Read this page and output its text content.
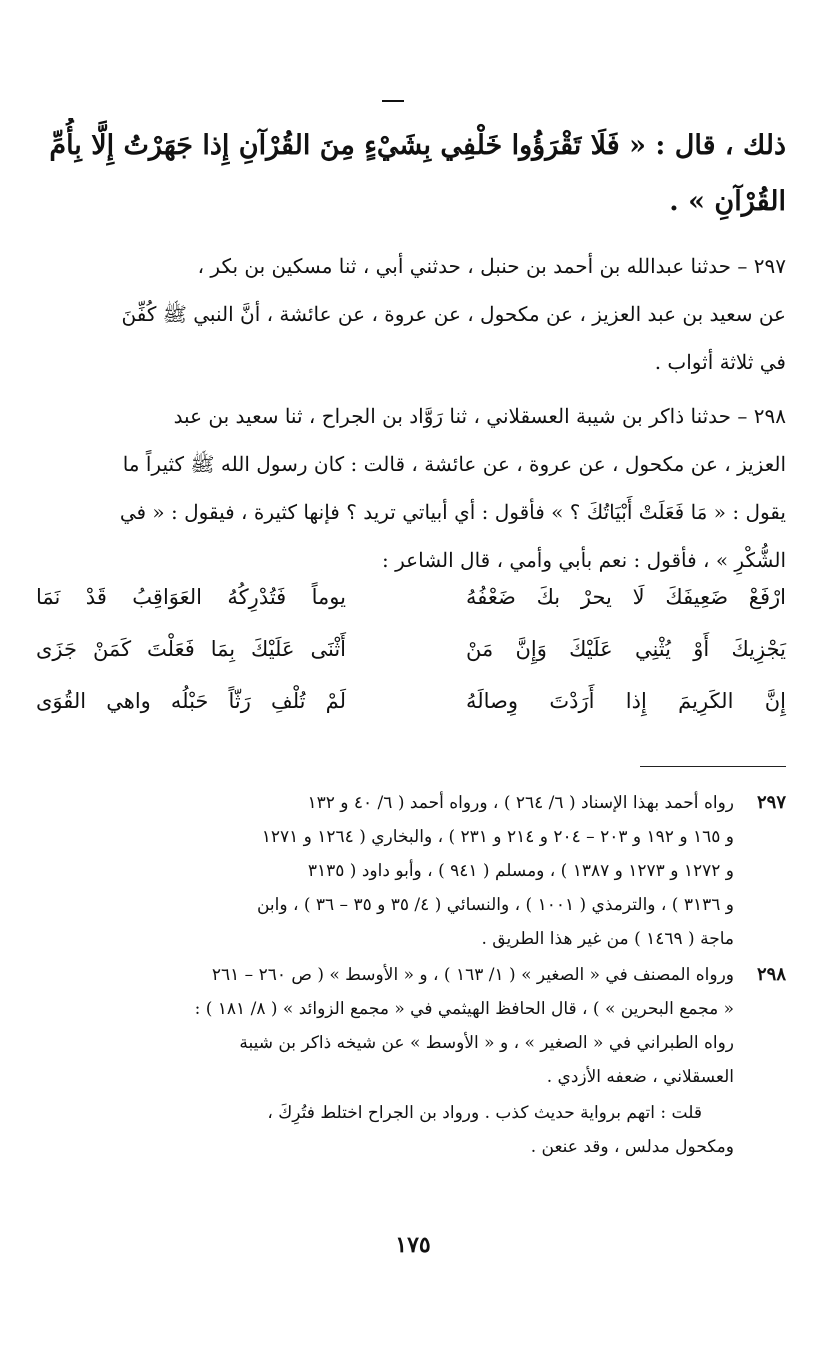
ذلك ، قال : « فَلَا تَقْرَؤُوا خَلْفِي بِشَيْءٍ مِنَ القُرْآنِ إِذا جَهَرْتُ إِلَّا بِأُمِّ
القُرْآنِ » .
٢٩٧ – حدثنا عبدالله بن أحمد بن حنبل ، حدثني أبي ، ثنا مسكين بن بكر ،
عن سعيد بن عبد العزيز ، عن مكحول ، عن عروة ، عن عائشة ، أنَّ النبي ﷺ كُفِّنَ
في ثلاثة أثواب .
٢٩٨ – حدثنا ذاكر بن شيبة العسقلاني ، ثنا رَوَّاد بن الجراح ، ثنا سعيد بن عبد
العزيز ، عن مكحول ، عن عروة ، عن عائشة ، قالت : كان رسول الله ﷺ كثيراً ما
يقول : « مَا فَعَلَتْ أَبْيَاتُكَ ؟ » فأقول : أي أبياتي تريد ؟ فإنها كثيرة ، فيقول : « في
الشُّكْرِ » ، فأقول : نعم بأبي وأمي ، قال الشاعر :
ارْفَعْ ضَعِيفَكَ لَا يحرْ بكَ ضَعْفُهُ
يوماً فَتُدْرِكُهُ العَوَاقِبُ قَدْ نَمَا
يَجْزِيكَ أَوْ يُثْنِي عَلَيْكَ وَإِنَّ مَنْ
أَثْنَى عَلَيْكَ بِمَا فَعَلْتَ كَمَنْ جَزَى
إِنَّ الكَرِيمَ إِذا أَرَدْتَ وِصالَهُ
لَمْ تُلْفِ رَثّاً حَبْلُه واهي القُوَى
٢٩٧
رواه أحمد بهذا الإسناد ( ٦/ ٢٦٤ ) ، ورواه أحمد ( ٦/ ٤٠ و ١٣٢
و ١٦٥ و ١٩٢ و ٢٠٣ – ٢٠٤ و ٢١٤ و ٢٣١ ) ، والبخاري ( ١٢٦٤ و ١٢٧١
و ١٢٧٢ و ١٢٧٣ و ١٣٨٧ ) ، ومسلم ( ٩٤١ ) ، وأبو داود ( ٣١٣٥
و ٣١٣٦ ) ، والترمذي ( ١٠٠١ ) ، والنسائي ( ٤/ ٣٥ و ٣٥ – ٣٦ ) ، وابن
ماجة ( ١٤٦٩ ) من غير هذا الطريق .
٢٩٨
ورواه المصنف في « الصغير » ( ١/ ١٦٣ ) ، و « الأوسط » ( ص ٢٦٠ – ٢٦١
« مجمع البحرين » ) ، قال الحافظ الهيثمي في « مجمع الزوائد » ( ٨/ ١٨١ ) :
رواه الطبراني في « الصغير » ، و « الأوسط » عن شيخه ذاكر بن شيبة
العسقلاني ، ضعفه الأزدي .
قلت : اتهم برواية حديث كذب . ورواد بن الجراح اختلط فتُرِكَ ،
ومكحول مدلس ، وقد عنعن .
١٧٥
